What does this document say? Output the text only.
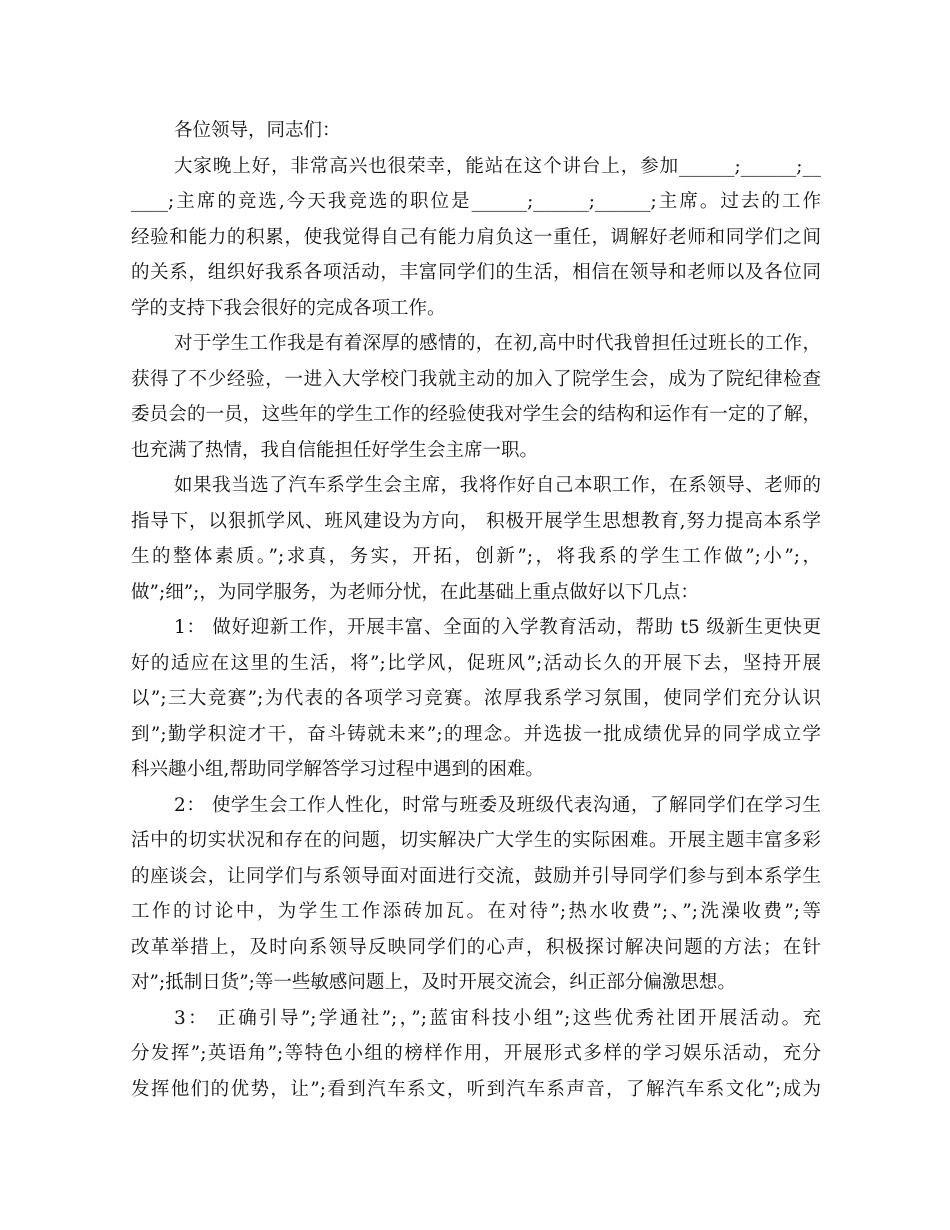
各位领导，同志们：
大家晚上好，非常高兴也很荣幸，能站在这个讲台上，参加______;______;__
____;主席的竞选,今天我竞选的职位是______;______;______;主席。过去的工作
经验和能力的积累，使我觉得自己有能力肩负这一重任，调解好老师和同学们之间
的关系，组织好我系各项活动，丰富同学们的生活，相信在领导和老师以及各位同
学的支持下我会很好的完成各项工作。
对于学生工作我是有着深厚的感情的，在初,高中时代我曾担任过班长的工作，
获得了不少经验，一进入大学校门我就主动的加入了院学生会，成为了院纪律检查
委员会的一员，这些年的学生工作的经验使我对学生会的结构和运作有一定的了解，
也充满了热情，我自信能担任好学生会主席一职。
如果我当选了汽车系学生会主席，我将作好自己本职工作，在系领导、老师的
指导下，以狠抓学风、班风建设为方向， 积极开展学生思想教育,努力提高本系学
生的整体素质。”;求真，务实，开拓，创新”;，将我系的学生工作做”;小”;，
做”;细”;，为同学服务，为老师分忧，在此基础上重点做好以下几点：
1： 做好迎新工作，开展丰富、全面的入学教育活动，帮助 t5 级新生更快更
好的适应在这里的生活，将”;比学风，促班风”;活动长久的开展下去，坚持开展
以”;三大竞赛”;为代表的各项学习竞赛。浓厚我系学习氛围，使同学们充分认识
到”;勤学积淀才干，奋斗铸就未来”;的理念。并选拔一批成绩优异的同学成立学
科兴趣小组,帮助同学解答学习过程中遇到的困难。
2： 使学生会工作人性化，时常与班委及班级代表沟通，了解同学们在学习生
活中的切实状况和存在的问题，切实解决广大学生的实际困难。开展主题丰富多彩
的座谈会，让同学们与系领导面对面进行交流，鼓励并引导同学们参与到本系学生
工作的讨论中，为学生工作添砖加瓦。在对待”;热水收费”;、”;洗澡收费”;等
改革举措上，及时向系领导反映同学们的心声，积极探讨解决问题的方法；在针
对”;抵制日货”;等一些敏感问题上，及时开展交流会，纠正部分偏激思想。
3： 正确引导”;学通社”;，”;蓝宙科技小组”;这些优秀社团开展活动。充
分发挥”;英语角”;等特色小组的榜样作用，开展形式多样的学习娱乐活动，充分
发挥他们的优势，让”;看到汽车系文，听到汽车系声音，了解汽车系文化”;成为
